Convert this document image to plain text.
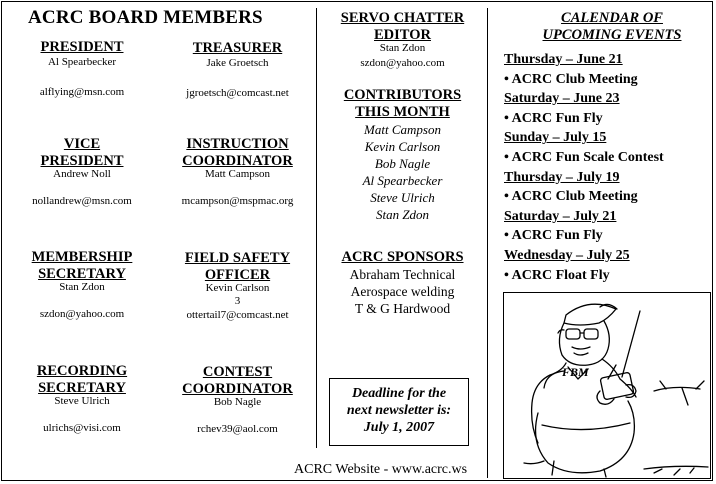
ACRC BOARD MEMBERS
PRESIDENT
Al Spearbecker
alflying@msn.com
TREASURER
Jake Groetsch
jgroetsch@comcast.net
VICE
PRESIDENT
Andrew Noll
nollandrew@msn.com
INSTRUCTION
COORDINATOR
Matt Campson
mcampson@mspmac.org
MEMBERSHIP
SECRETARY
Stan Zdon
szdon@yahoo.com
FIELD SAFETY
OFFICER
Kevin Carlson
3
ottertail7@comcast.net
RECORDING
SECRETARY
Steve Ulrich
ulrichs@visi.com
CONTEST
COORDINATOR
Bob Nagle
rchev39@aol.com
SERVO CHATTER
EDITOR
Stan Zdon
szdon@yahoo.com
CONTRIBUTORS
THIS MONTH
Matt Campson
Kevin Carlson
Bob Nagle
Al Spearbecker
Steve Ulrich
Stan Zdon
ACRC SPONSORS
Abraham Technical
Aerospace welding
T & G Hardwood
Deadline for the
next newsletter is:
July 1, 2007
ACRC Website - www.acrc.ws
CALENDAR OF
UPCOMING EVENTS
Thursday – June 21
• ACRC Club Meeting
Saturday – June 23
• ACRC Fun Fly
Sunday – July 15
• ACRC Fun Scale Contest
Thursday – July 19
• ACRC Club Meeting
Saturday – July 21
• ACRC Fun Fly
Wednesday – July 25
• ACRC Float Fly
FBM
